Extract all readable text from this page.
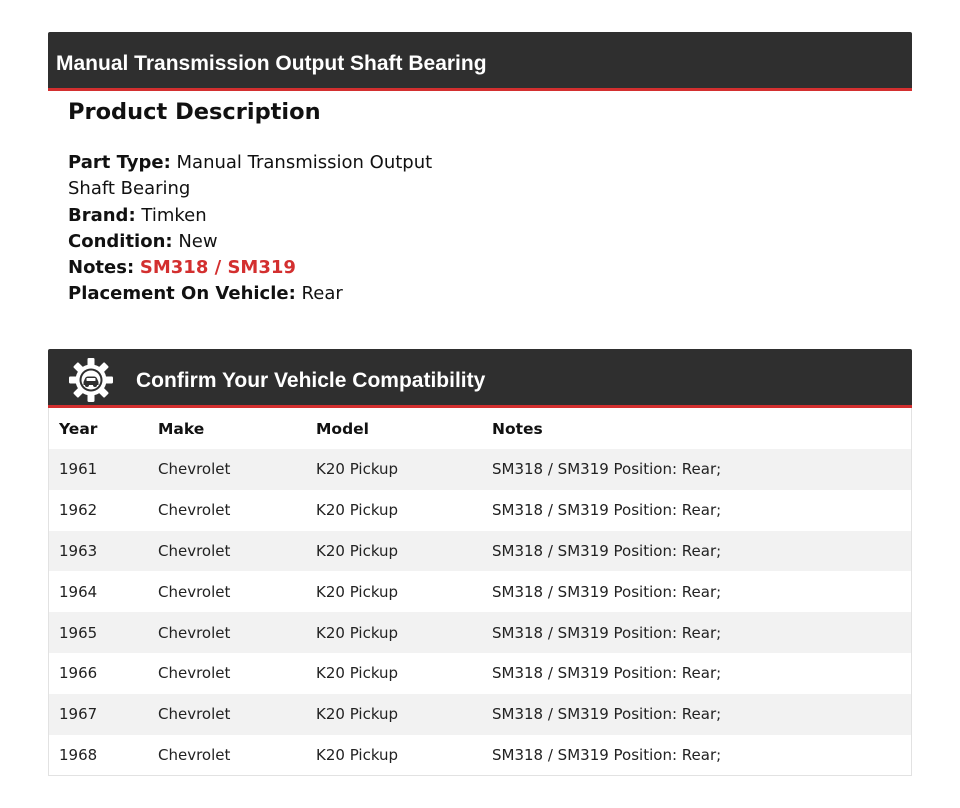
Manual Transmission Output Shaft Bearing
Product Description
Part Type: Manual Transmission Output Shaft Bearing
Brand: Timken
Condition: New
Notes: SM318 / SM319
Placement On Vehicle: Rear
Confirm Your Vehicle Compatibility
Year	Make	Model	Notes
1961	Chevrolet	K20 Pickup	SM318 / SM319 Position: Rear;
1962	Chevrolet	K20 Pickup	SM318 / SM319 Position: Rear;
1963	Chevrolet	K20 Pickup	SM318 / SM319 Position: Rear;
1964	Chevrolet	K20 Pickup	SM318 / SM319 Position: Rear;
1965	Chevrolet	K20 Pickup	SM318 / SM319 Position: Rear;
1966	Chevrolet	K20 Pickup	SM318 / SM319 Position: Rear;
1967	Chevrolet	K20 Pickup	SM318 / SM319 Position: Rear;
1968	Chevrolet	K20 Pickup	SM318 / SM319 Position: Rear;
